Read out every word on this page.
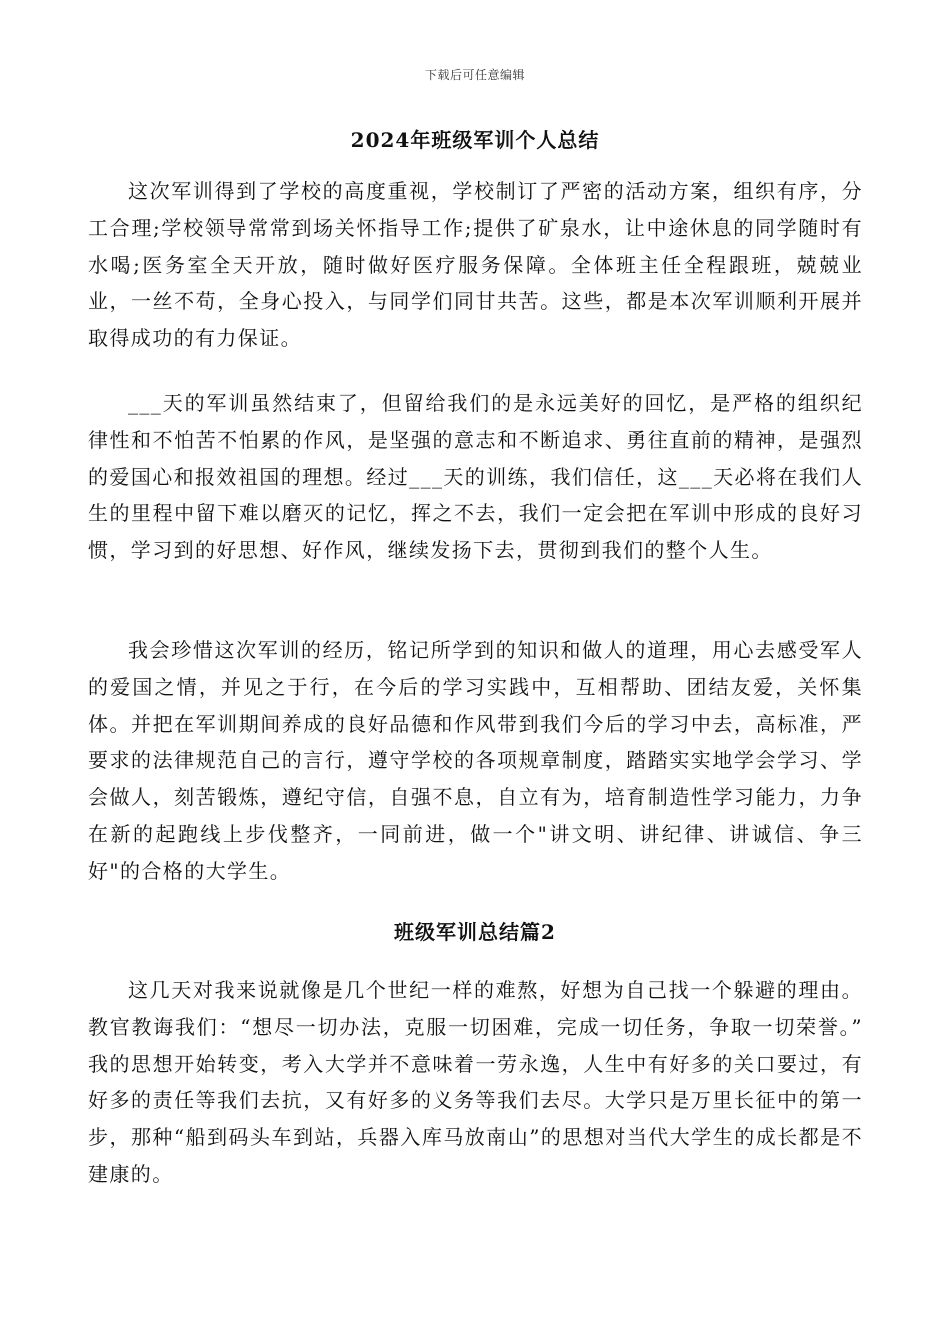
下载后可任意编辑
2024年班级军训个人总结

这次军训得到了学校的高度重视，学校制订了严密的活动方案，组织有序，分工合理;学校领导常常到场关怀指导工作;提供了矿泉水，让中途休息的同学随时有水喝;医务室全天开放，随时做好医疗服务保障。全体班主任全程跟班，兢兢业业，一丝不苟，全身心投入，与同学们同甘共苦。这些，都是本次军训顺利开展并取得成功的有力保证。

___天的军训虽然结束了，但留给我们的是永远美好的回忆，是严格的组织纪律性和不怕苦不怕累的作风，是坚强的意志和不断追求、勇往直前的精神，是强烈的爱国心和报效祖国的理想。经过___天的训练，我们信任，这___天必将在我们人生的里程中留下难以磨灭的记忆，挥之不去，我们一定会把在军训中形成的良好习惯，学习到的好思想、好作风，继续发扬下去，贯彻到我们的整个人生。

我会珍惜这次军训的经历，铭记所学到的知识和做人的道理，用心去感受军人的爱国之情，并见之于行，在今后的学习实践中，互相帮助、团结友爱，关怀集体。并把在军训期间养成的良好品德和作风带到我们今后的学习中去，高标准，严要求的法律规范自己的言行，遵守学校的各项规章制度，踏踏实实地学会学习、学会做人，刻苦锻炼，遵纪守信，自强不息，自立有为，培育制造性学习能力，力争在新的起跑线上步伐整齐，一同前进，做一个"讲文明、讲纪律、讲诚信、争三好"的合格的大学生。

班级军训总结篇2

这几天对我来说就像是几个世纪一样的难熬，好想为自己找一个躲避的理由。教官教诲我们：“想尽一切办法，克服一切困难，完成一切任务，争取一切荣誉。” 我的思想开始转变，考入大学并不意味着一劳永逸，人生中有好多的关口要过，有好多的责任等我们去抗，又有好多的义务等我们去尽。大学只是万里长征中的第一步，那种“船到码头车到站，兵器入库马放南山”的思想对当代大学生的成长都是不建康的。
